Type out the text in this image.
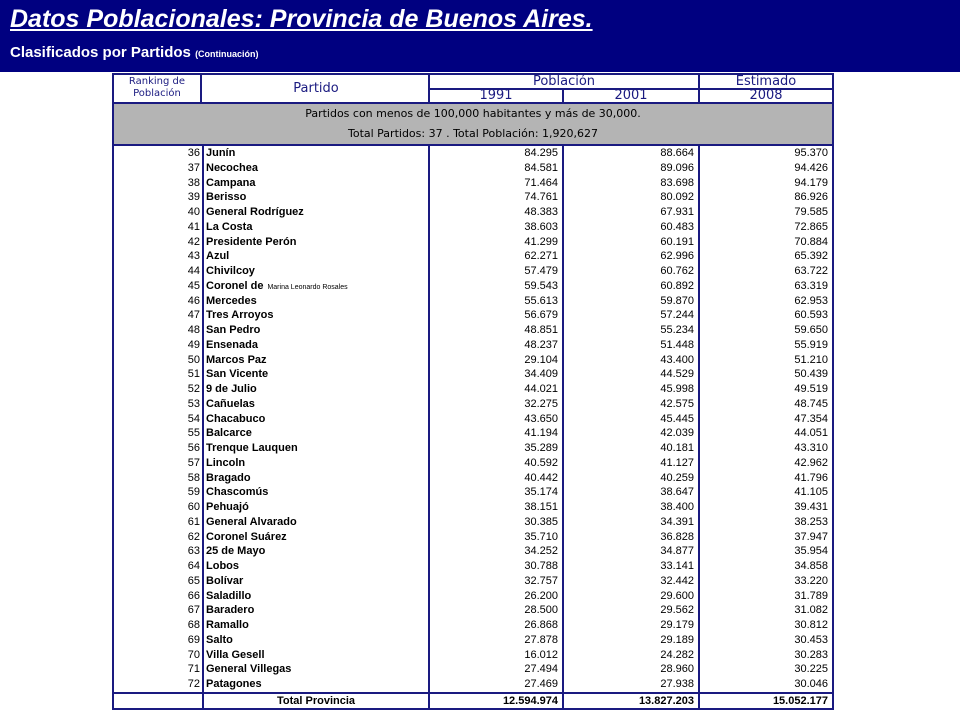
Datos Poblacionales: Provincia de Buenos Aires.
Clasificados por Partidos (Continuación)
Ranking de
Población	Partido	Población
1991	2001
Estimado
2008
Partidos con menos de 100,000 habitantes y más de 30,000.
Total Partidos: 37 . Total Población: 1,920,627
36 Junín	84.295	88.664	95.370
37 Necochea	84.581	89.096	94.426
38 Campana	71.464	83.698	94.179
39 Berisso	74.761	80.092	86.926
40 General Rodríguez	48.383	67.931	79.585
41 La Costa	38.603	60.483	72.865
42 Presidente Perón	41.299	60.191	70.884
43 Azul	62.271	62.996	65.392
44 Chivilcoy	57.479	60.762	63.722
45 Coronel de Marina Leonardo Rosales	59.543	60.892	63.319
46 Mercedes	55.613	59.870	62.953
47 Tres Arroyos	56.679	57.244	60.593
48 San Pedro	48.851	55.234	59.650
49 Ensenada	48.237	51.448	55.919
50 Marcos Paz	29.104	43.400	51.210
51 San Vicente	34.409	44.529	50.439
52 9 de Julio	44.021	45.998	49.519
53 Cañuelas	32.275	42.575	48.745
54 Chacabuco	43.650	45.445	47.354
55 Balcarce	41.194	42.039	44.051
56 Trenque Lauquen	35.289	40.181	43.310
57 Lincoln	40.592	41.127	42.962
58 Bragado	40.442	40.259	41.796
59 Chascomús	35.174	38.647	41.105
60 Pehuajó	38.151	38.400	39.431
61 General Alvarado	30.385	34.391	38.253
62 Coronel Suárez	35.710	36.828	37.947
63 25 de Mayo	34.252	34.877	35.954
64 Lobos	30.788	33.141	34.858
65 Bolívar	32.757	32.442	33.220
66 Saladillo	26.200	29.600	31.789
67 Baradero	28.500	29.562	31.082
68 Ramallo	26.868	29.179	30.812
69 Salto	27.878	29.189	30.453
70 Villa Gesell	16.012	24.282	30.283
71 General Villegas	27.494	28.960	30.225
72 Patagones	27.469	27.938	30.046
Total Provincia	12.594.974	13.827.203	15.052.177
